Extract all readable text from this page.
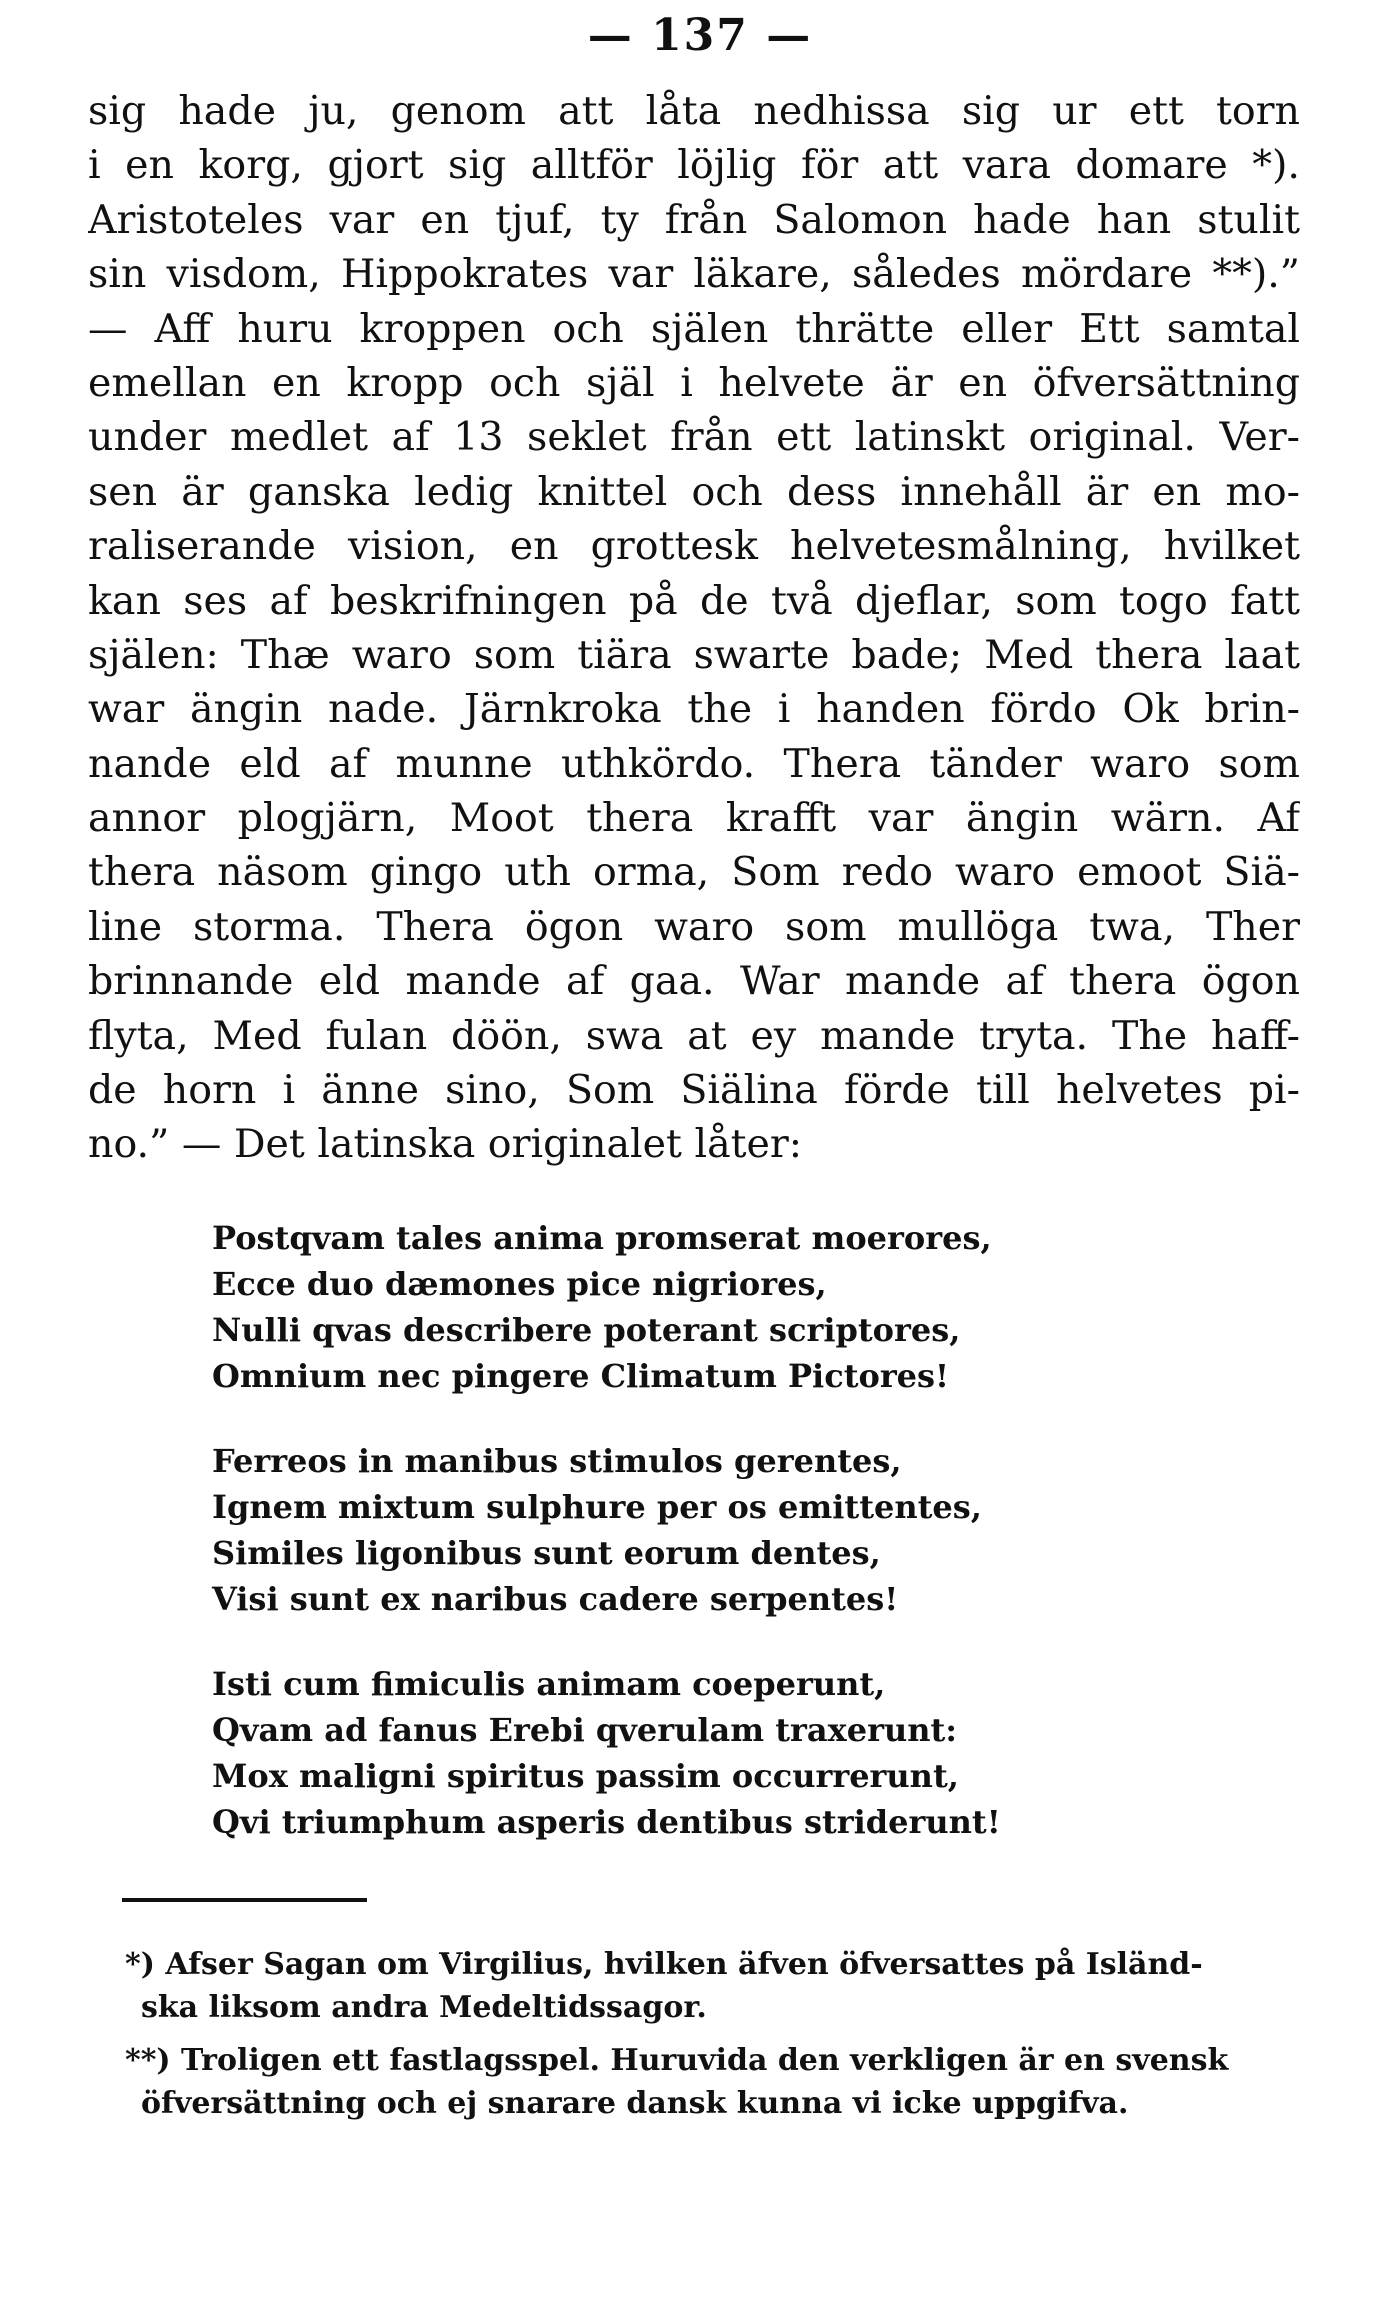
— 137 —
sig hade ju, genom att låta nedhissa sig ur ett torn
i en korg, gjort sig alltför löjlig för att vara domare *).
Aristoteles var en tjuf, ty från Salomon hade han stulit
sin visdom, Hippokrates var läkare, således mördare **).”
— Aff huru kroppen och själen thrätte eller Ett samtal
emellan en kropp och själ i helvete är en öfversättning
under medlet af 13 seklet från ett latinskt original. Ver-
sen är ganska ledig knittel och dess innehåll är en mo-
raliserande vision, en grottesk helvetesmålning, hvilket
kan ses af beskrifningen på de två djeflar, som togo fatt
själen: Thæ waro som tiära swarte bade; Med thera laat
war ängin nade. Järnkroka the i handen fördo Ok brin-
nande eld af munne uthkördo. Thera tänder waro som
annor plogjärn, Moot thera krafft var ängin wärn. Af
thera näsom gingo uth orma, Som redo waro emoot Siä-
line storma. Thera ögon waro som mullöga twa, Ther
brinnande eld mande af gaa. War mande af thera ögon
flyta, Med fulan döön, swa at ey mande tryta. The haff-
de horn i änne sino, Som Siälina förde till helvetes pi-
no.” — Det latinska originalet låter:
Postqvam tales anima promserat moerores,
Ecce duo dæmones pice nigriores,
Nulli qvas describere poterant scriptores,
Omnium nec pingere Climatum Pictores!
Ferreos in manibus stimulos gerentes,
Ignem mixtum sulphure per os emittentes,
Similes ligonibus sunt eorum dentes,
Visi sunt ex naribus cadere serpentes!
Isti cum fimiculis animam coeperunt,
Qvam ad fanus Erebi qverulam traxerunt:
Mox maligni spiritus passim occurrerunt,
Qvi triumphum asperis dentibus striderunt!
*) Afser Sagan om Virgilius, hvilken äfven öfversattes på Isländ-
ska liksom andra Medeltidssagor.
**) Troligen ett fastlagsspel. Huruvida den verkligen är en svensk
öfversättning och ej snarare dansk kunna vi icke uppgifva.
